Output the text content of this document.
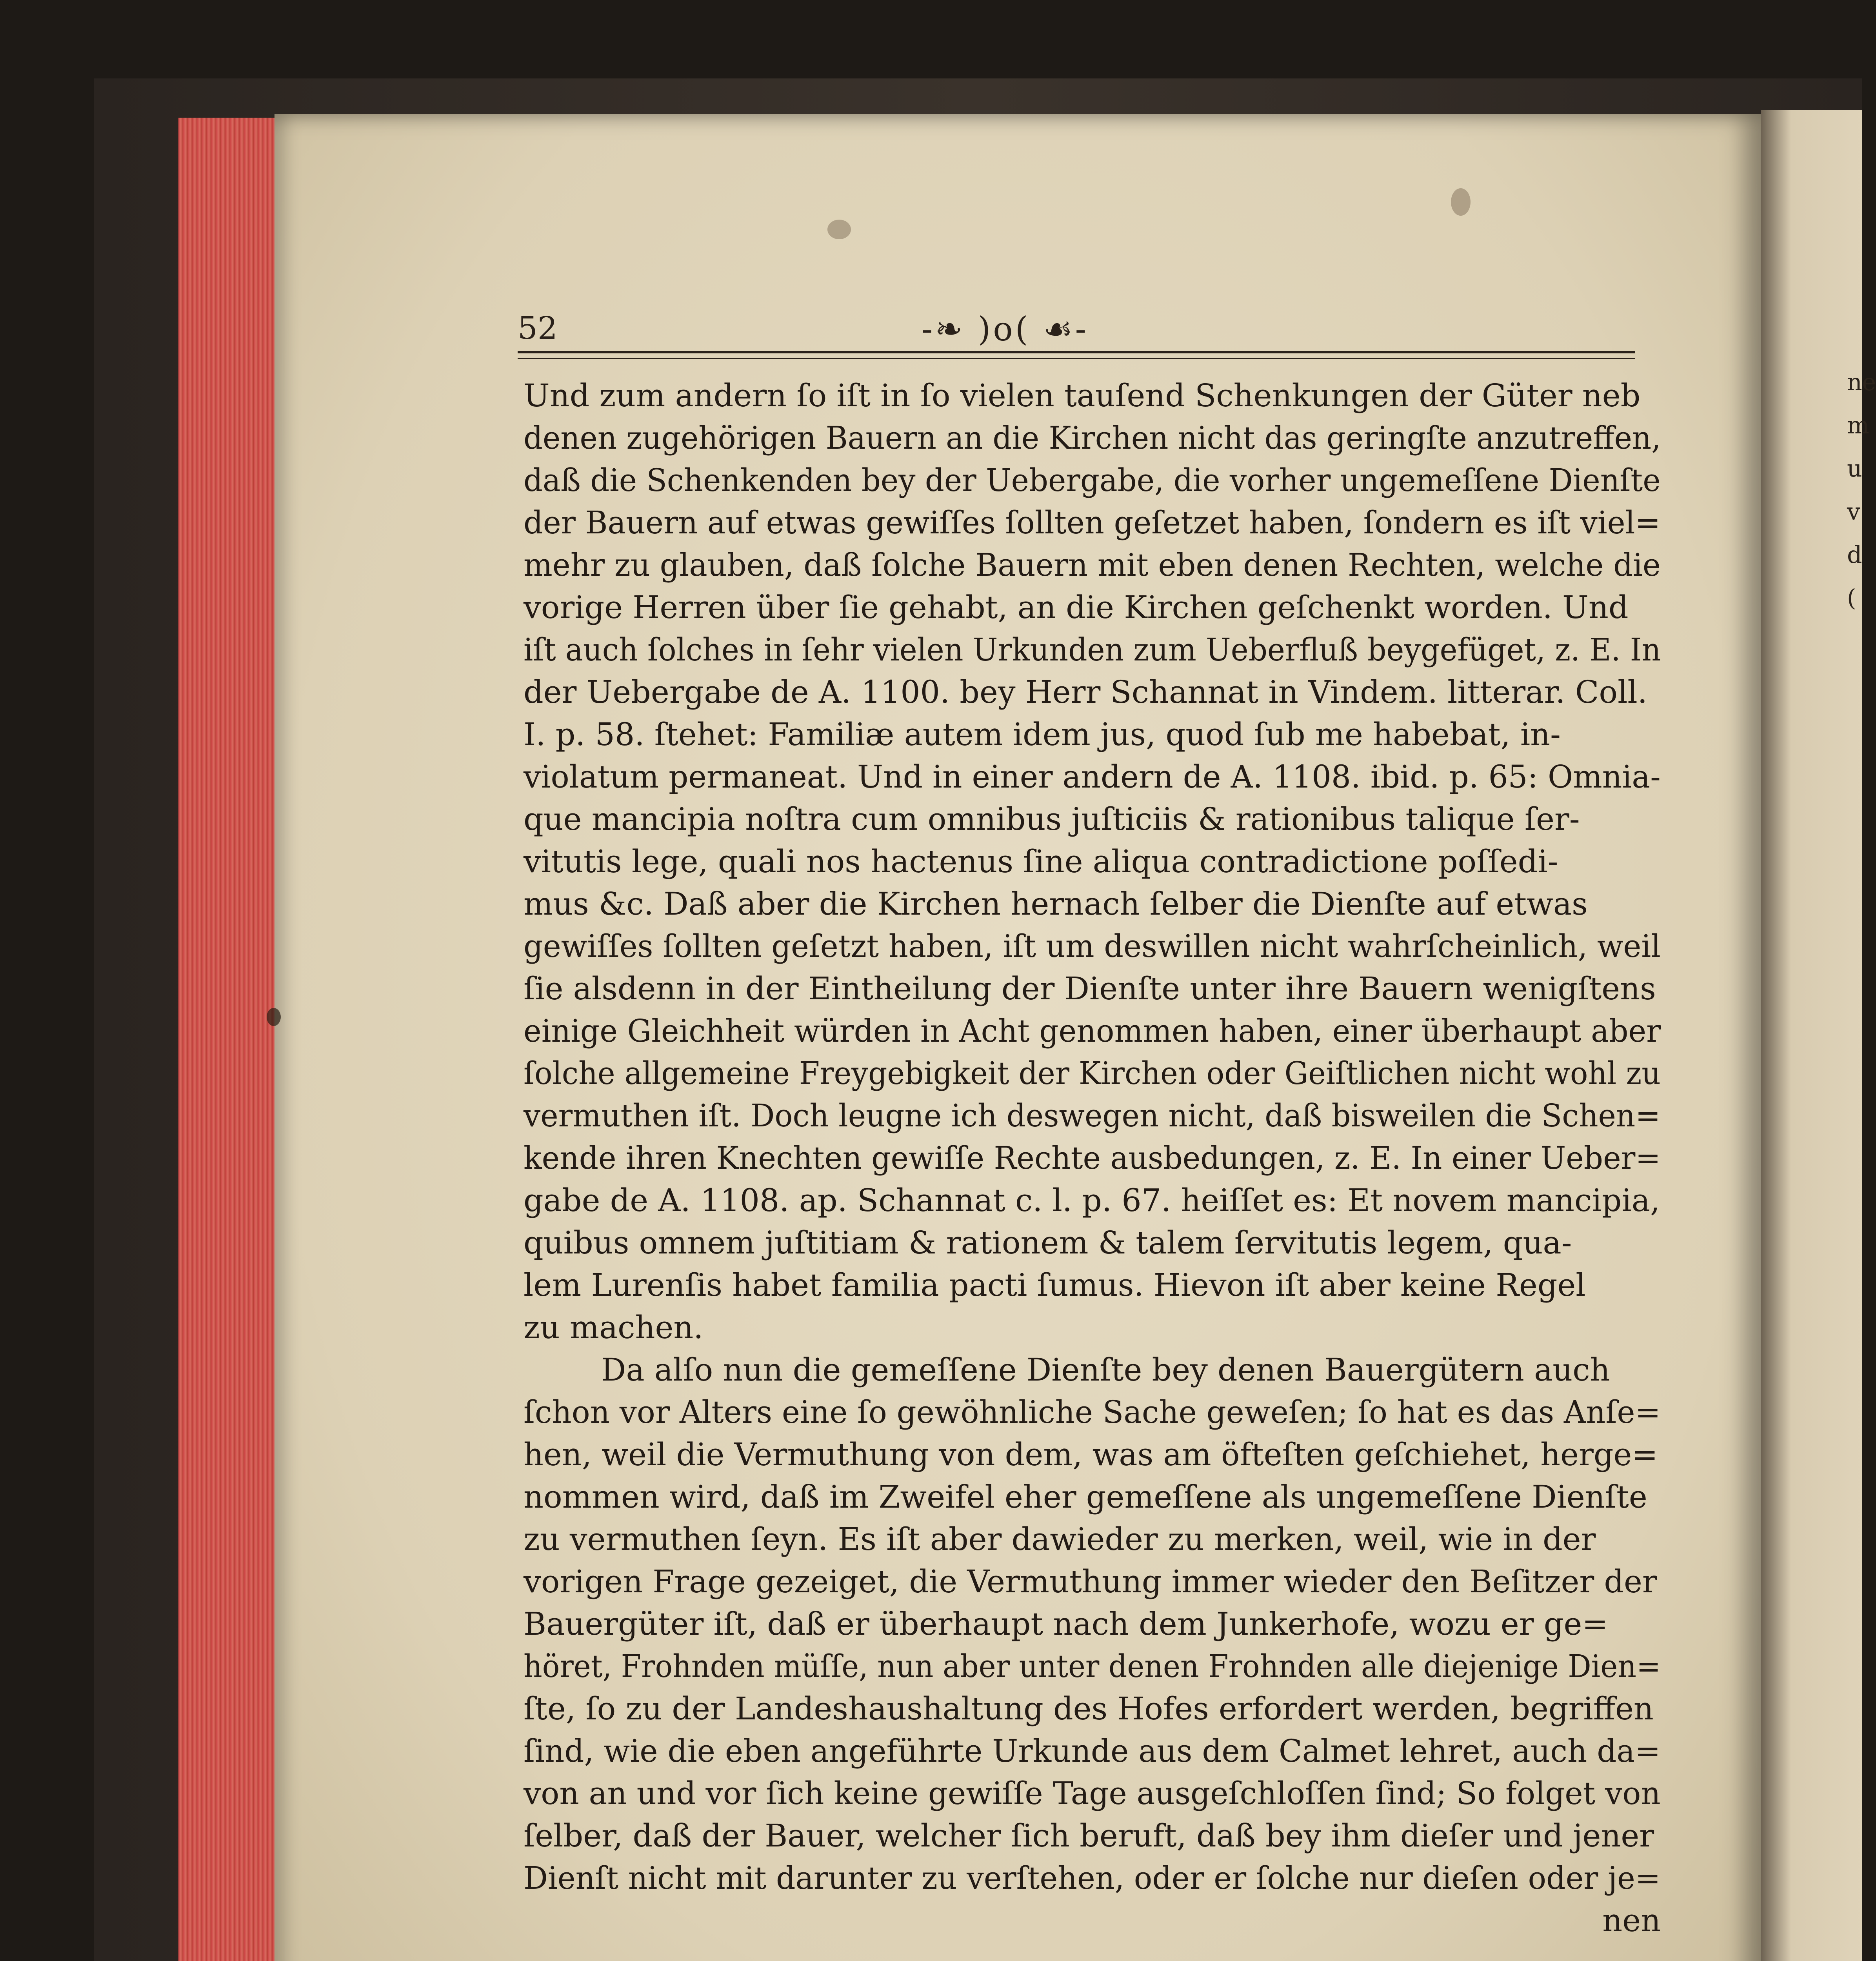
ne
m
u
v
d
(
52	-❧ )o( ☙-
Und zum andern ſo iſt in ſo vielen tauſend Schenkungen der Güter neb
denen zugehörigen Bauern an die Kirchen nicht das geringſte anzutreffen,
daß die Schenkenden bey der Uebergabe, die vorher ungemeſſene Dienſte
der Bauern auf etwas gewiſſes ſollten geſetzet haben, ſondern es iſt viel=
mehr zu glauben, daß ſolche Bauern mit eben denen Rechten, welche die
vorige Herren über ſie gehabt, an die Kirchen geſchenkt worden. Und
iſt auch ſolches in ſehr vielen Urkunden zum Ueberfluß beygefüget, z. E. In
der Uebergabe de A. 1100. bey Herr Schannat in Vindem. litterar. Coll.
I. p. 58. ſtehet: Familiæ autem idem jus, quod ſub me habebat, in-
violatum permaneat. Und in einer andern de A. 1108. ibid. p. 65: Omnia-
que mancipia noſtra cum omnibus juſticiis & rationibus talique ſer-
vitutis lege, quali nos hactenus ſine aliqua contradictione poſſedi-
mus &c. Daß aber die Kirchen hernach ſelber die Dienſte auf etwas
gewiſſes ſollten geſetzt haben, iſt um deswillen nicht wahrſcheinlich, weil
ſie alsdenn in der Eintheilung der Dienſte unter ihre Bauern wenigſtens
einige Gleichheit würden in Acht genommen haben, einer überhaupt aber
ſolche allgemeine Freygebigkeit der Kirchen oder Geiſtlichen nicht wohl zu
vermuthen iſt. Doch leugne ich deswegen nicht, daß bisweilen die Schen=
kende ihren Knechten gewiſſe Rechte ausbedungen, z. E. In einer Ueber=
gabe de A. 1108. ap. Schannat c. l. p. 67. heiſſet es: Et novem mancipia,
quibus omnem juſtitiam & rationem & talem ſervitutis legem, qua-
lem Lurenſis habet familia pacti ſumus. Hievon iſt aber keine Regel
zu machen.
Da alſo nun die gemeſſene Dienſte bey denen Bauergütern auch
ſchon vor Alters eine ſo gewöhnliche Sache geweſen; ſo hat es das Anſe=
hen, weil die Vermuthung von dem, was am öfteſten geſchiehet, herge=
nommen wird, daß im Zweifel eher gemeſſene als ungemeſſene Dienſte
zu vermuthen ſeyn. Es iſt aber dawieder zu merken, weil, wie in der
vorigen Frage gezeiget, die Vermuthung immer wieder den Beſitzer der
Bauergüter iſt, daß er überhaupt nach dem Junkerhofe, wozu er ge=
höret, Frohnden müſſe, nun aber unter denen Frohnden alle diejenige Dien=
ſte, ſo zu der Landeshaushaltung des Hofes erfordert werden, begriffen
ſind, wie die eben angeführte Urkunde aus dem Calmet lehret, auch da=
von an und vor ſich keine gewiſſe Tage ausgeſchloſſen ſind; So folget von
ſelber, daß der Bauer, welcher ſich beruft, daß bey ihm dieſer und jener
Dienſt nicht mit darunter zu verſtehen, oder er ſolche nur dieſen oder je=
nen
